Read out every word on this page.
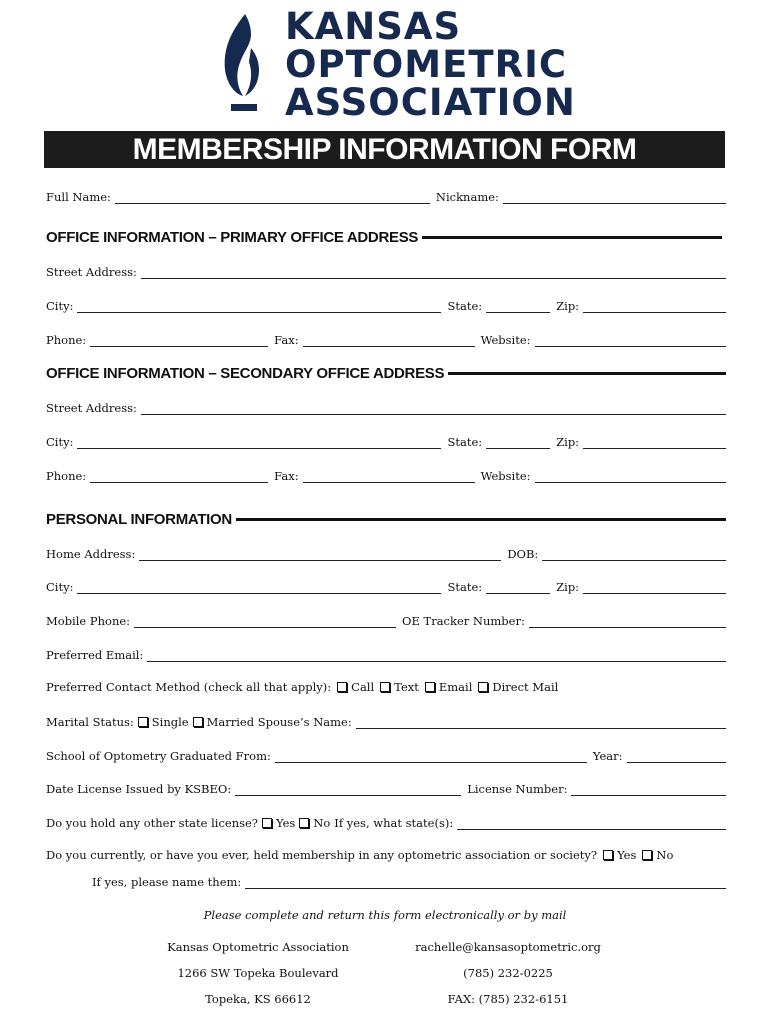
KANSAS
OPTOMETRIC
ASSOCIATION
MEMBERSHIP INFORMATION FORM
Full Name:	Nickname:
OFFICE INFORMATION – PRIMARY OFFICE ADDRESS
Street Address:
City:	State:	Zip:
Phone:	Fax:	Website:
OFFICE INFORMATION – SECONDARY OFFICE ADDRESS
Street Address:
City:	State:	Zip:
Phone:	Fax:	Website:
PERSONAL INFORMATION
Home Address:	DOB:
City:	State:	Zip:
Mobile Phone:	OE Tracker Number:
Preferred Email:
Preferred Contact Method (check all that apply): Call Text Email Direct Mail
Marital Status:	Single	Married Spouse’s Name:
School of Optometry Graduated From:	Year:
Date License Issued by KSBEO:	License Number:
Do you hold any other state license?	Yes	No If yes, what state(s):
Do you currently, or have you ever, held membership in any optometric association or society? Yes No
If yes, please name them:
Please complete and return this form electronically or by mail
Kansas Optometric Association
1266 SW Topeka Boulevard
Topeka, KS 66612
rachelle@kansasoptometric.org
(785) 232-0225
FAX: (785) 232-6151
